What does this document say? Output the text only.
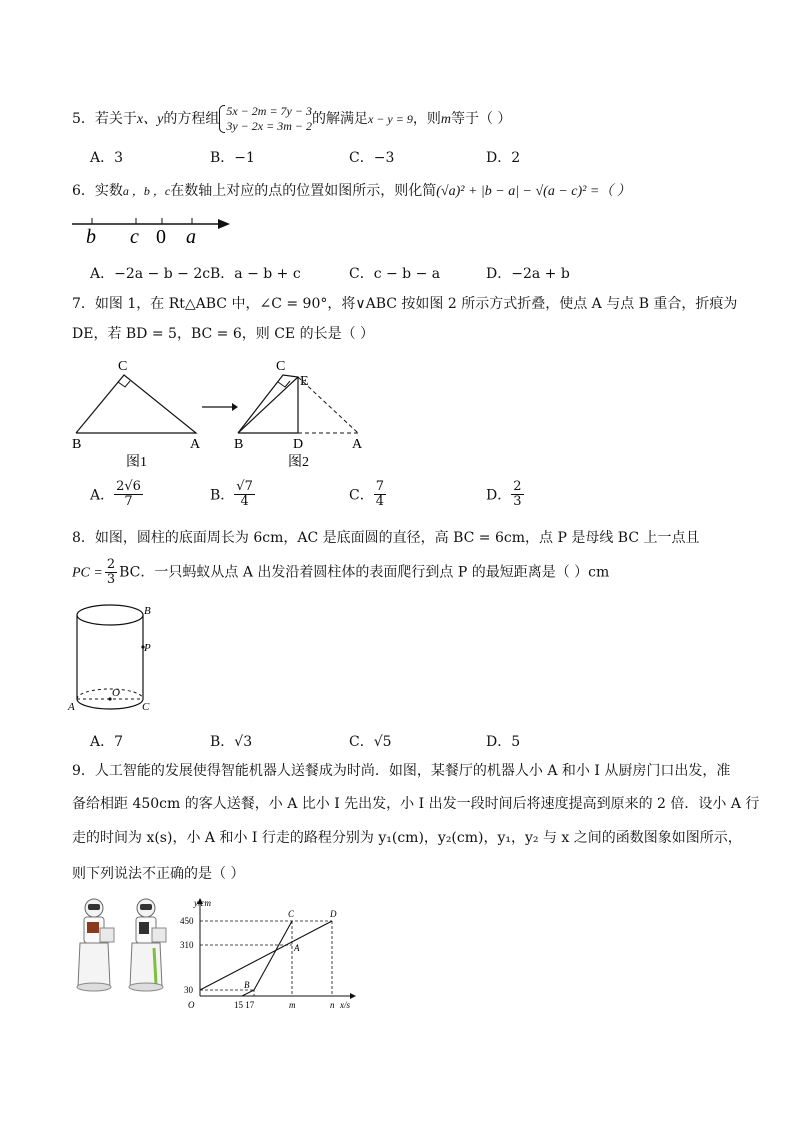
5．若关于x、y的方程组 5x − 2m = 7y − 3
3y − 2x = 3m − 2 的解满足x − y = 9，则m等于（ ）
A．3	B．−1	C．−3	D．2
6．实数a ，b ，c在数轴上对应的点的位置如图所示，则化简(√a)² + |b − a| − √(a − c)² =（ ）
b c 0 a
A．−2a − b − 2c B．a − b + c	C．c − b − a	D．−2a + b
7．如图 1，在 Rt△ABC 中，∠C = 90°，将∨ABC 按如图 2 所示方式折叠，使点 A 与点 B 重合，折痕为
DE，若 BD = 5，BC = 6，则 CE 的长是（ ）
C
B	A
图1
C
E
B	D	A
图2
A． $\frac{2√6}{7}$	B． $\frac{√7}{4}$	C． $\frac{7}{4}$	D． $\frac{2}{3}$
8．如图，圆柱的底面周长为 6cm，AC 是底面圆的直径，高 BC = 6cm，点 P 是母线 BC 上一点且
PC = $\frac{2}{3}$ BC．一只蚂蚁从点 A 出发沿着圆柱体的表面爬行到点 P 的最短距离是（ ）cm
B
P
O
A	C
A．7	B．√3	C．√5	D．5
9．人工智能的发展使得智能机器人送餐成为时尚．如图，某餐厅的机器人小 A 和小 I 从厨房门口出发，准
备给相距 450cm 的客人送餐，小 A 比小 I 先出发，小 I 出发一段时间后将速度提高到原来的 2 倍．设小 A 行
走的时间为 x(s)，小 A 和小 I 行走的路程分别为 y₁(cm)，y₂(cm)，y₁，y₂ 与 x 之间的函数图象如图所示，
则下列说法不正确的是（ ）
y/cm
x/s
O
450
310
30
15 17	m	n
C	D
A
B
